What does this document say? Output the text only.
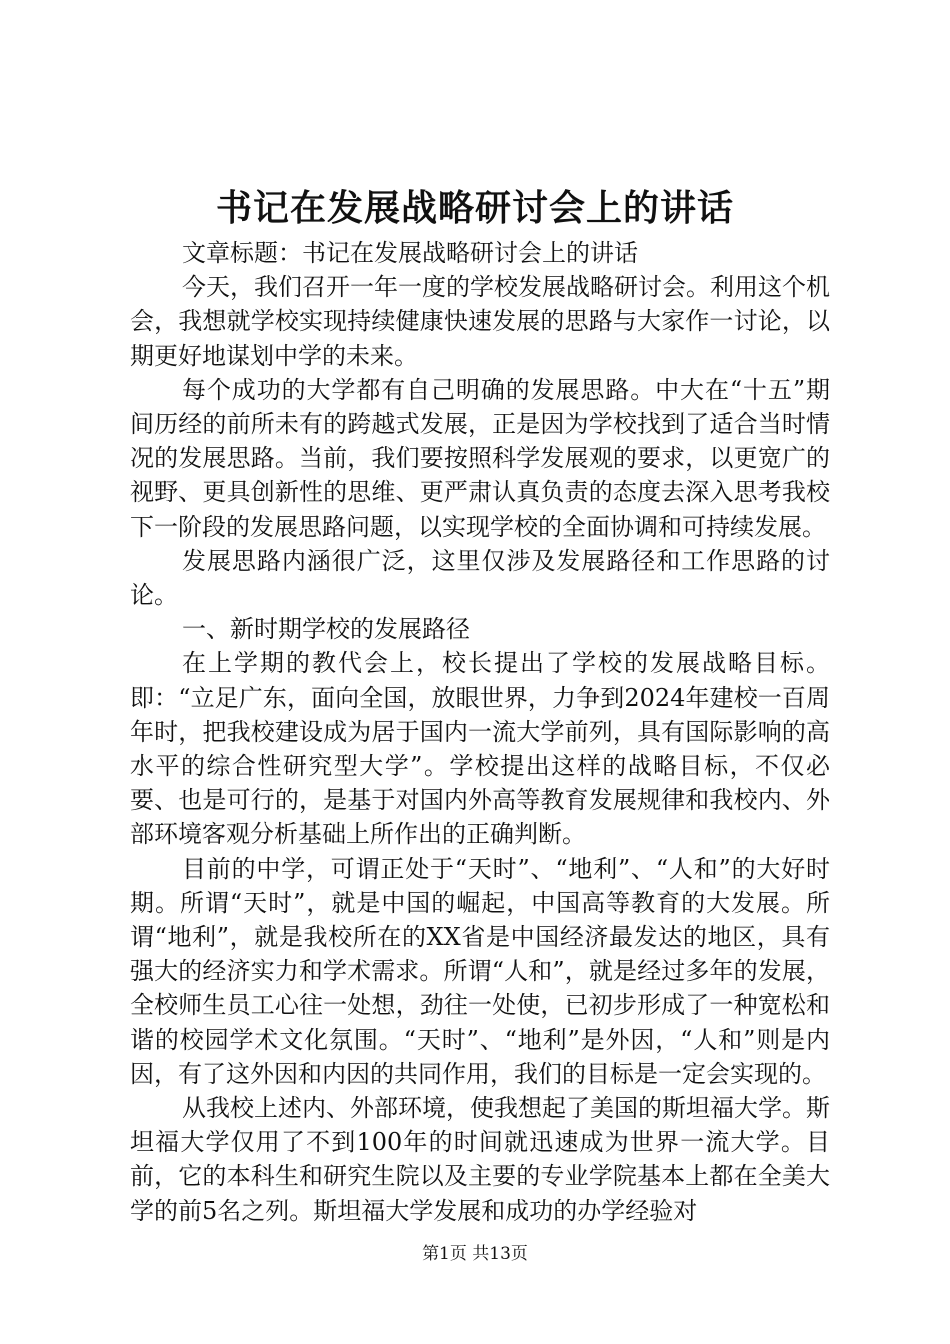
书记在发展战略研讨会上的讲话

文章标题：书记在发展战略研讨会上的讲话

今天，我们召开一年一度的学校发展战略研讨会。利用这个机会，我想就学校实现持续健康快速发展的思路与大家作一讨论，以期更好地谋划中学的未来。

每个成功的大学都有自己明确的发展思路。中大在“十五”期间历经的前所未有的跨越式发展，正是因为学校找到了适合当时情况的发展思路。当前，我们要按照科学发展观的要求，以更宽广的视野、更具创新性的思维、更严肃认真负责的态度去深入思考我校下一阶段的发展思路问题，以实现学校的全面协调和可持续发展。

发展思路内涵很广泛，这里仅涉及发展路径和工作思路的讨论。

一、新时期学校的发展路径

在上学期的教代会上，校长提出了学校的发展战略目标。即：“立足广东，面向全国，放眼世界，力争到2024年建校一百周年时，把我校建设成为居于国内一流大学前列，具有国际影响的高水平的综合性研究型大学”。学校提出这样的战略目标，不仅必要、也是可行的，是基于对国内外高等教育发展规律和我校内、外部环境客观分析基础上所作出的正确判断。

目前的中学，可谓正处于“天时”、“地利”、“人和”的大好时期。所谓“天时”，就是中国的崛起，中国高等教育的大发展。所谓“地利”，就是我校所在的XX省是中国经济最发达的地区，具有强大的经济实力和学术需求。所谓“人和”，就是经过多年的发展，全校师生员工心往一处想，劲往一处使，已初步形成了一种宽松和谐的校园学术文化氛围。“天时”、“地利”是外因，“人和”则是内因，有了这外因和内因的共同作用，我们的目标是一定会实现的。

从我校上述内、外部环境，使我想起了美国的斯坦福大学。斯坦福大学仅用了不到100年的时间就迅速成为世界一流大学。目前，它的本科生和研究生院以及主要的专业学院基本上都在全美大学的前5名之列。斯坦福大学发展和成功的办学经验对

第1页 共13页
